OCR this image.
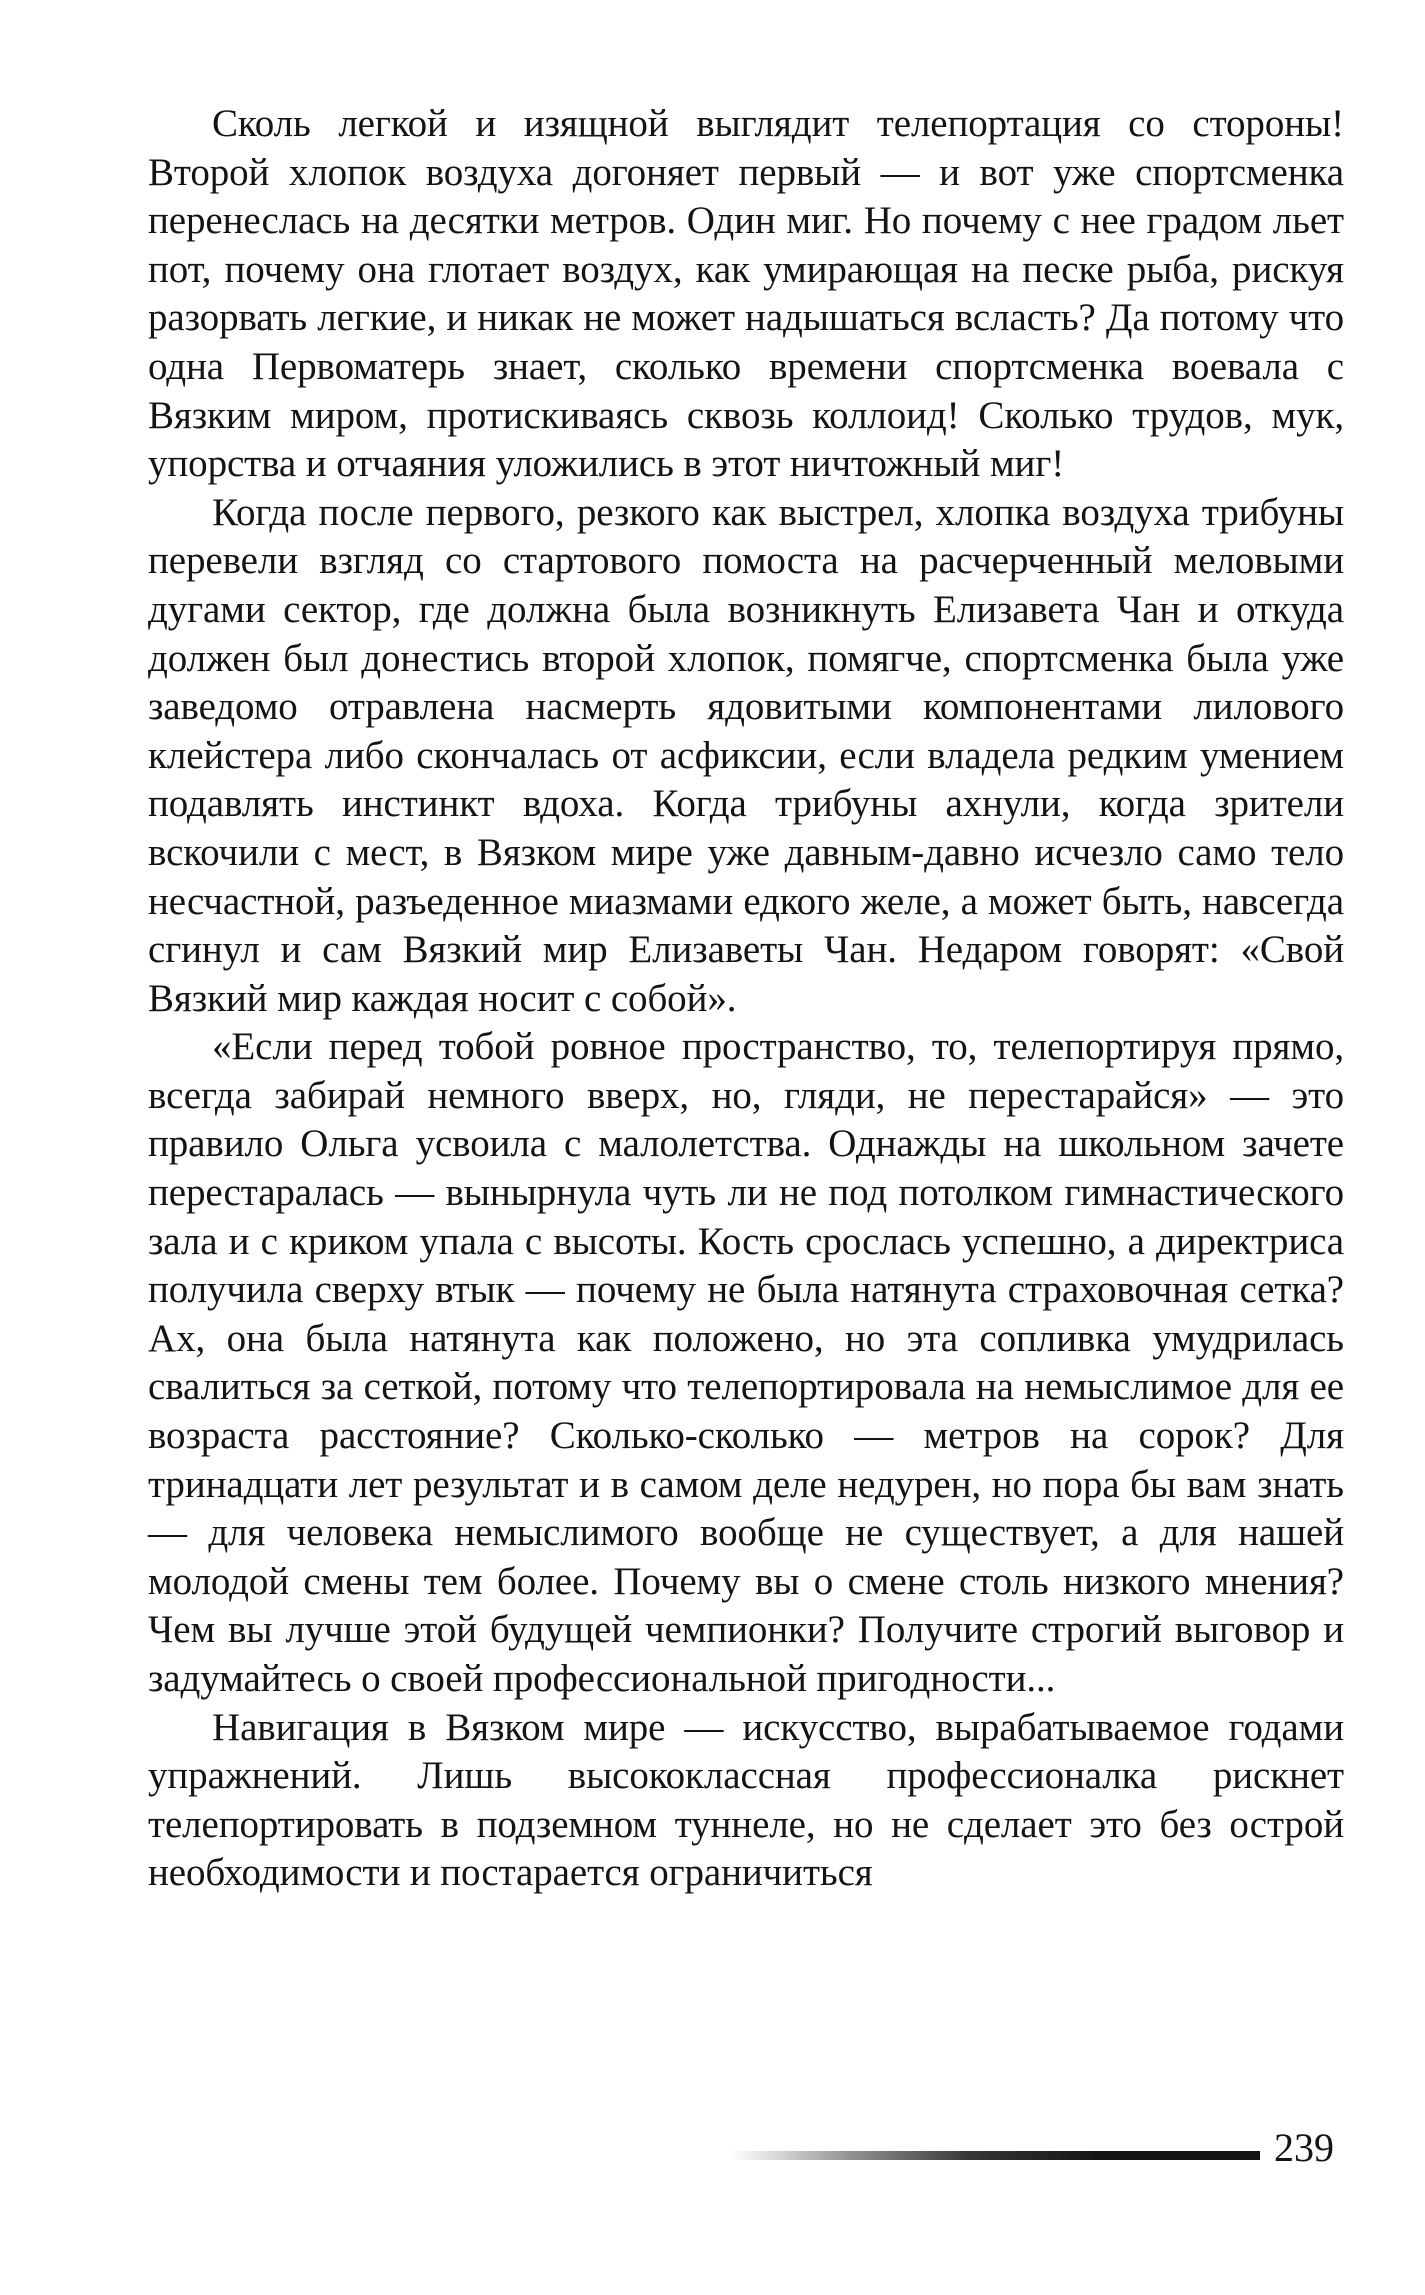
Сколь легкой и изящной выглядит телепортация со стороны! Второй хлопок воздуха догоняет первый — и вот уже спортсменка перенеслась на десятки метров. Один миг. Но почему с нее градом льет пот, почему она глотает воздух, как умирающая на песке рыба, рискуя разорвать легкие, и никак не может надышаться всласть? Да потому что одна Первоматерь знает, сколько времени спортсменка воевала с Вязким миром, протискиваясь сквозь коллоид! Сколько трудов, мук, упорства и отчаяния уложились в этот ничтожный миг!

Когда после первого, резкого как выстрел, хлопка воздуха трибуны перевели взгляд со стартового помоста на расчерченный меловыми дугами сектор, где должна была возникнуть Елизавета Чан и откуда должен был донестись второй хлопок, помягче, спортсменка была уже заведомо отравлена насмерть ядовитыми компонентами лилового клейстера либо скончалась от асфиксии, если владела редким умением подавлять инстинкт вдоха. Когда трибуны ахнули, когда зрители вскочили с мест, в Вязком мире уже давным-давно исчезло само тело несчастной, разъеденное миазмами едкого желе, а может быть, навсегда сгинул и сам Вязкий мир Елизаветы Чан. Недаром говорят: «Свой Вязкий мир каждая носит с собой».

«Если перед тобой ровное пространство, то, телепортируя прямо, всегда забирай немного вверх, но, гляди, не перестарайся» — это правило Ольга усвоила с малолетства. Однажды на школьном зачете перестаралась — вынырнула чуть ли не под потолком гимнастического зала и с криком упала с высоты. Кость срослась успешно, а директриса получила сверху втык — почему не была натянута страховочная сетка? Ах, она была натянута как положено, но эта сопливка умудрилась свалиться за сеткой, потому что телепортировала на немыслимое для ее возраста расстояние? Сколько-сколько — метров на сорок? Для тринадцати лет результат и в самом деле недурен, но пора бы вам знать — для человека немыслимого вообще не существует, а для нашей молодой смены тем более. Почему вы о смене столь низкого мнения? Чем вы лучше этой будущей чемпионки? Получите строгий выговор и задумайтесь о своей профессиональной пригодности...

Навигация в Вязком мире — искусство, вырабатываемое годами упражнений. Лишь высококлассная профессионалка рискнет телепортировать в подземном туннеле, но не сделает это без острой необходимости и постарается ограничиться

239
